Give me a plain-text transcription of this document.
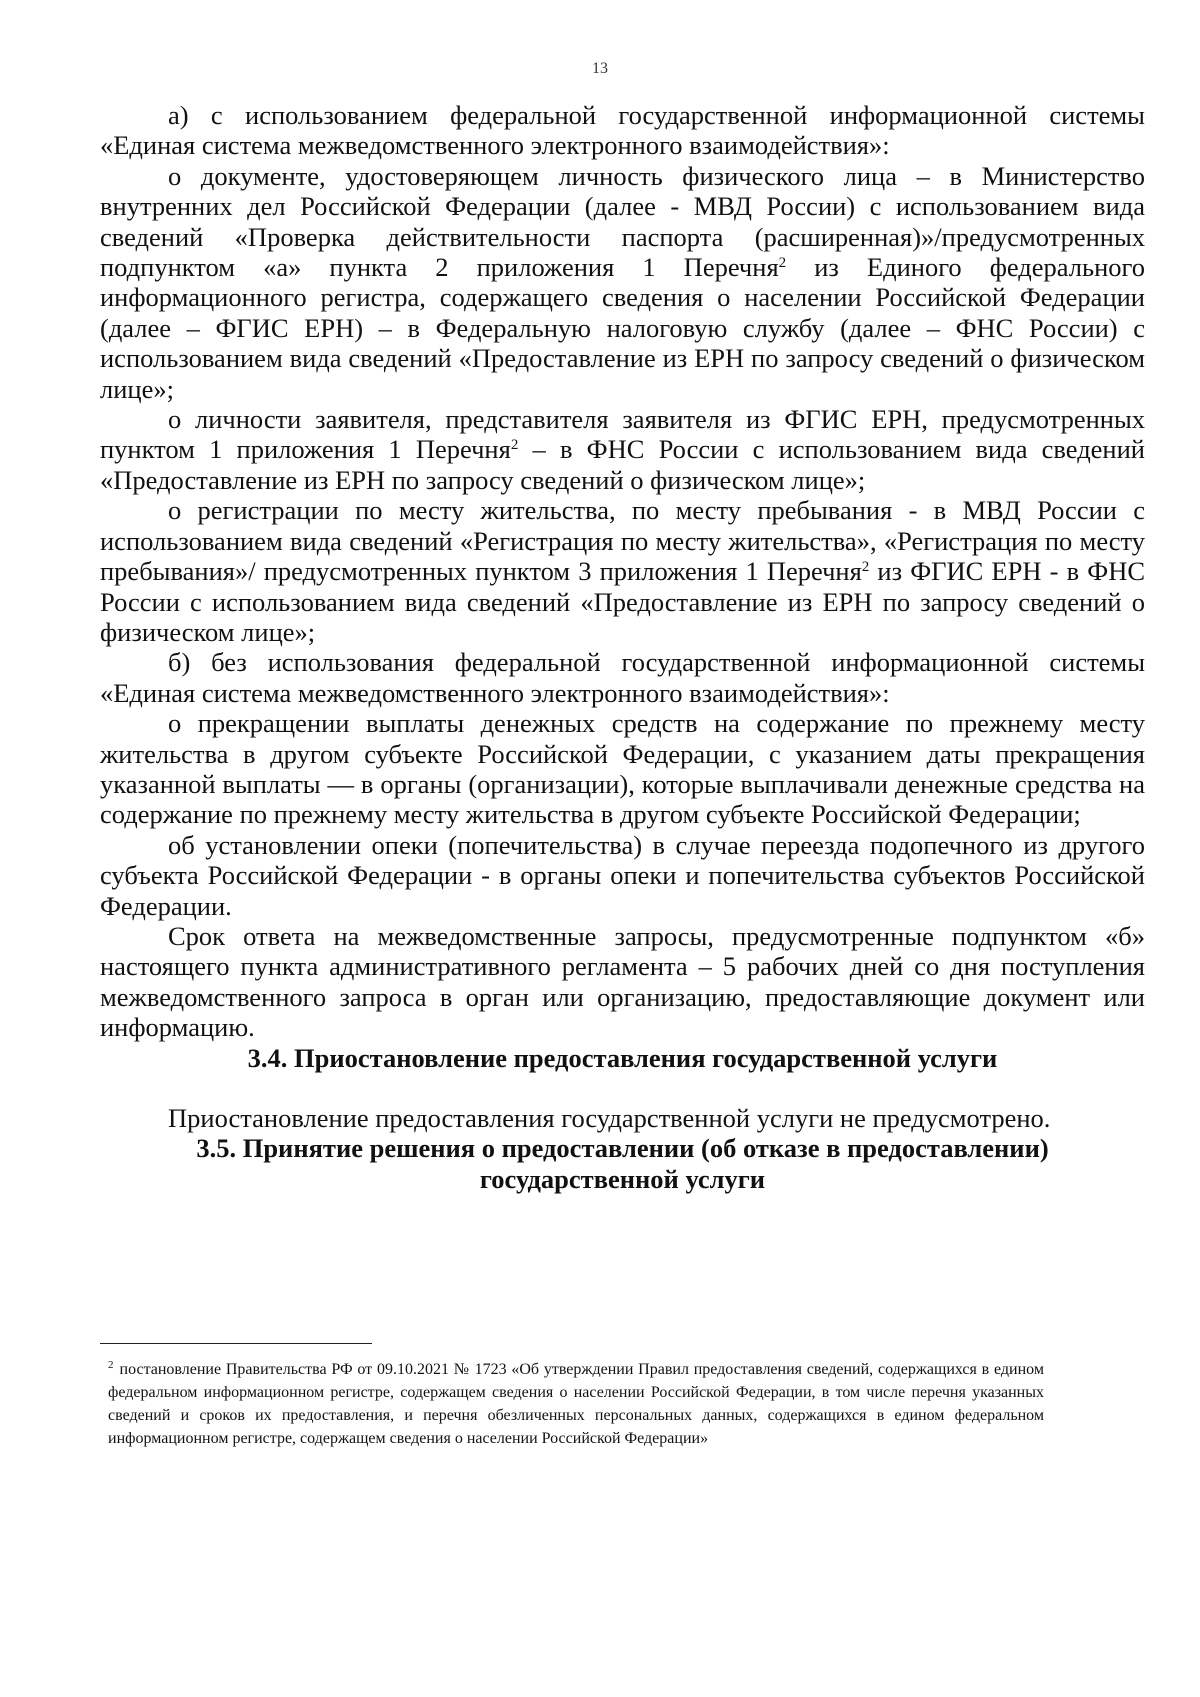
13

а) с использованием федеральной государственной информационной системы «Единая система межведомственного электронного взаимодействия»:

о документе, удостоверяющем личность физического лица – в Министерство внутренних дел Российской Федерации (далее - МВД России) с использованием вида сведений «Проверка действительности паспорта (расширенная)»/предусмотренных подпунктом «а» пункта 2 приложения 1 Перечня$^2$ из Единого федерального информационного регистра, содержащего сведения о населении Российской Федерации (далее – ФГИС ЕРН) – в Федеральную налоговую службу (далее – ФНС России) с использованием вида сведений «Предоставление из ЕРН по запросу сведений о физическом лице»;

о личности заявителя, представителя заявителя из ФГИС ЕРН, предусмотренных пунктом 1 приложения 1 Перечня$^2$ – в ФНС России с использованием вида сведений «Предоставление из ЕРН по запросу сведений о физическом лице»;

о регистрации по месту жительства, по месту пребывания - в МВД России с использованием вида сведений «Регистрация по месту жительства», «Регистрация по месту пребывания»/ предусмотренных пунктом 3 приложения 1 Перечня$^2$ из ФГИС ЕРН - в ФНС России с использованием вида сведений «Предоставление из ЕРН по запросу сведений о физическом лице»;

б) без использования федеральной государственной информационной системы «Единая система межведомственного электронного взаимодействия»:

о прекращении выплаты денежных средств на содержание по прежнему месту жительства в другом субъекте Российской Федерации, с указанием даты прекращения указанной выплаты — в органы (организации), которые выплачивали денежные средства на содержание по прежнему месту жительства в другом субъекте Российской Федерации;

об установлении опеки (попечительства) в случае переезда подопечного из другого субъекта Российской Федерации - в органы опеки и попечительства субъектов Российской Федерации.

Срок ответа на межведомственные запросы, предусмотренные подпунктом «б» настоящего пункта административного регламента – 5 рабочих дней со дня поступления межведомственного запроса в орган или организацию, предоставляющие документ или информацию.

3.4. Приостановление предоставления государственной услуги

Приостановление предоставления государственной услуги не предусмотрено.

3.5. Принятие решения о предоставлении (об отказе в предоставлении)
государственной услуги
$^2$ постановление Правительства РФ от 09.10.2021 № 1723 «Об утверждении Правил предоставления сведений, содержащихся в едином федеральном информационном регистре, содержащем сведения о населении Российской Федерации, в том числе перечня указанных сведений и сроков их предоставления, и перечня обезличенных персональных данных, содержащихся в едином федеральном информационном регистре, содержащем сведения о населении Российской Федерации»
